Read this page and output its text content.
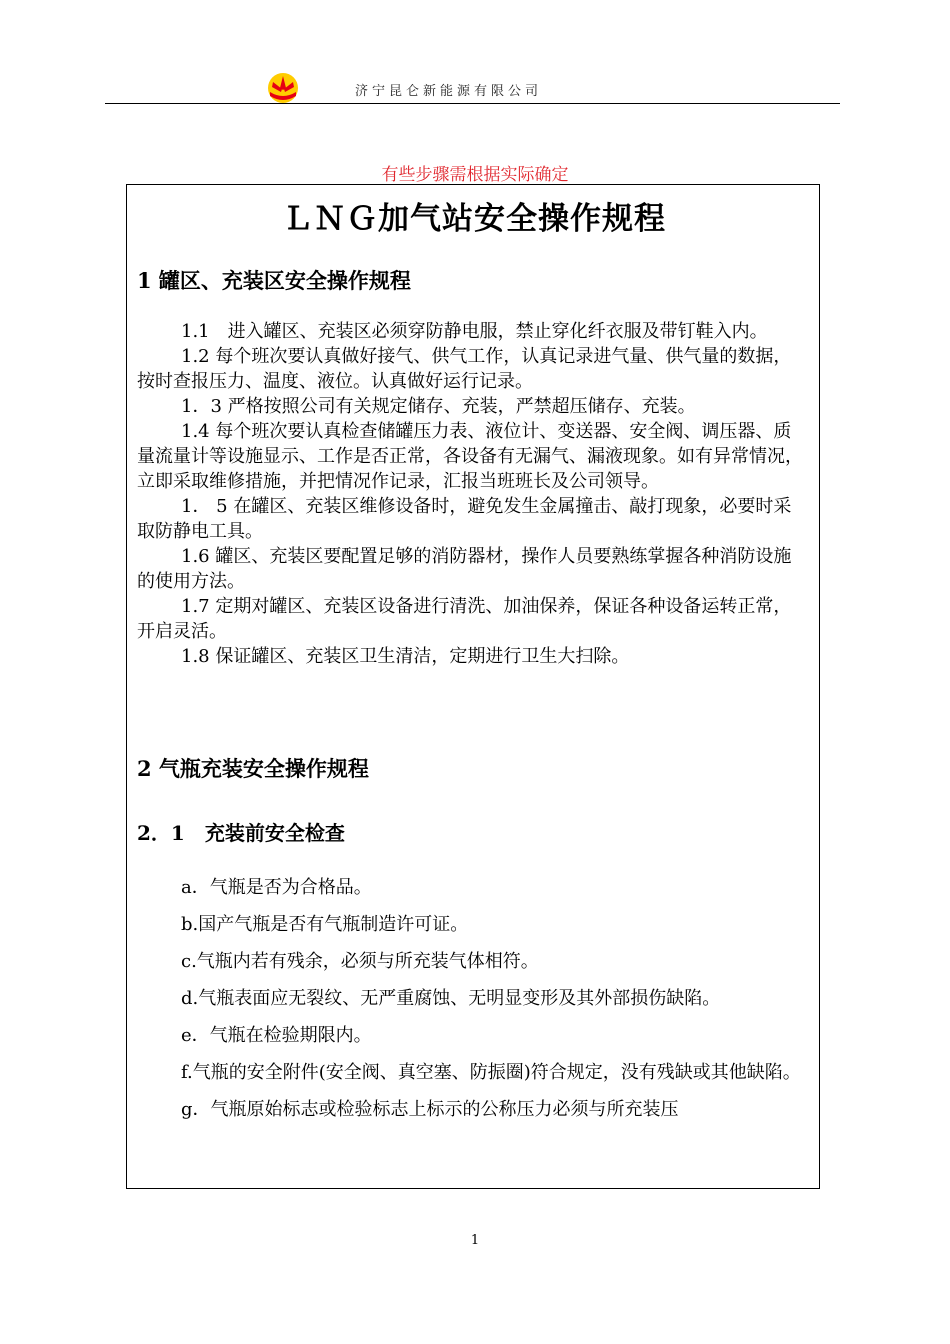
济宁昆仑新能源有限公司
有些步骤需根据实际确定
ＬＮＧ加气站安全操作规程
1 罐区、充装区安全操作规程

1.1　进入罐区、充装区必须穿防静电服，禁止穿化纤衣服及带钉鞋入内。

1.2 每个班次要认真做好接气、供气工作，认真记录进气量、供气量的数据，按时查报压力、温度、液位。认真做好运行记录。

1．3 严格按照公司有关规定储存、充装，严禁超压储存、充装。

1.4 每个班次要认真检查储罐压力表、液位计、变送器、安全阀、调压器、质量流量计等设施显示、工作是否正常，各设备有无漏气、漏液现象。如有异常情况，立即采取维修措施，并把情况作记录，汇报当班班长及公司领导。

1． 5 在罐区、充装区维修设备时，避免发生金属撞击、敲打现象，必要时采取防静电工具。

1.6 罐区、充装区要配置足够的消防器材，操作人员要熟练掌握各种消防设施的使用方法。

1.7 定期对罐区、充装区设备进行清洗、加油保养，保证各种设备运转正常，开启灵活。

1.8 保证罐区、充装区卫生清洁，定期进行卫生大扫除。

2 气瓶充装安全操作规程
2．1　充装前安全检查

a．气瓶是否为合格品。

b.国产气瓶是否有气瓶制造许可证。

c.气瓶内若有残余，必须与所充装气体相符。

d.气瓶表面应无裂纹、无严重腐蚀、无明显变形及其外部损伤缺陷。

e．气瓶在检验期限内。

f.气瓶的安全附件(安全阀、真空塞、防振圈)符合规定，没有残缺或其他缺陷。

g．气瓶原始标志或检验标志上标示的公称压力必须与所充装压

1
